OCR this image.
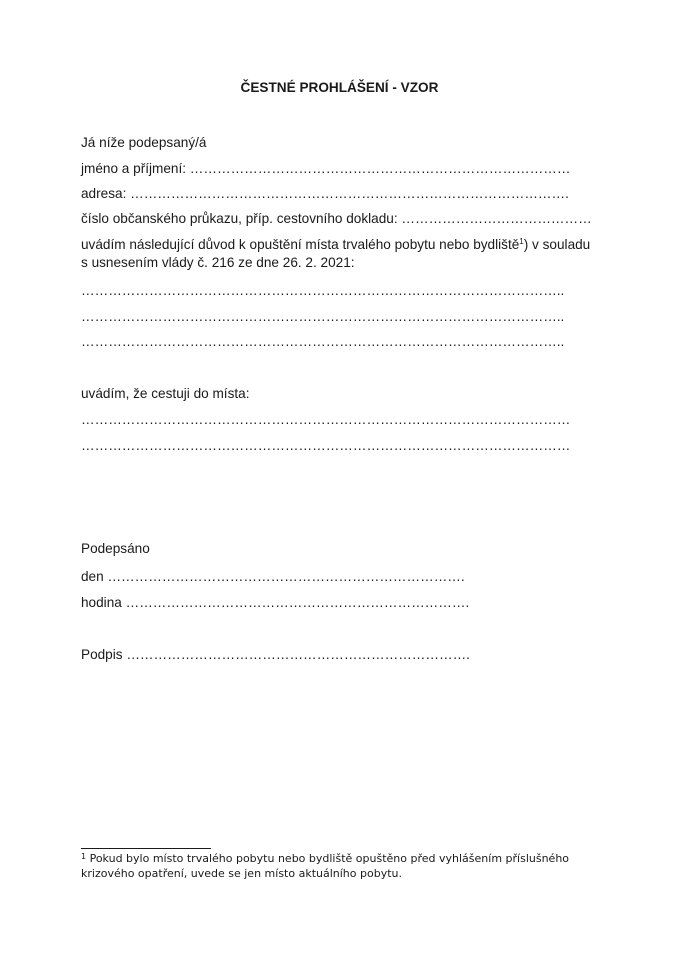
ČESTNÉ PROHLÁŠENÍ - VZOR
Já níže podepsaný/á
jméno a příjmení: …………………………………………………………………………
adresa: …………………………………………………………………………………….
číslo občanského průkazu, příp. cestovního dokladu: ……………………………………
uvádím následující důvod k opuštění místa trvalého pobytu nebo bydliště$^1$) v souladu
s usnesením vlády č. 216 ze dne 26. 2. 2021:
……………………………………………………………………………………………..
……………………………………………………………………………………………..
……………………………………………………………………………………………..
uvádím, že cestuji do místa:
………………………………………………………………………………………………
………………………………………………………………………………………………
Podepsáno
den …………………………………………………………………….
hodina ………………………………………………………………….
Podpis ………………………………………………………………….
$^1$ Pokud bylo místo trvalého pobytu nebo bydliště opuštěno před vyhlášením příslušného krizového opatření, uvede se jen místo aktuálního pobytu.
